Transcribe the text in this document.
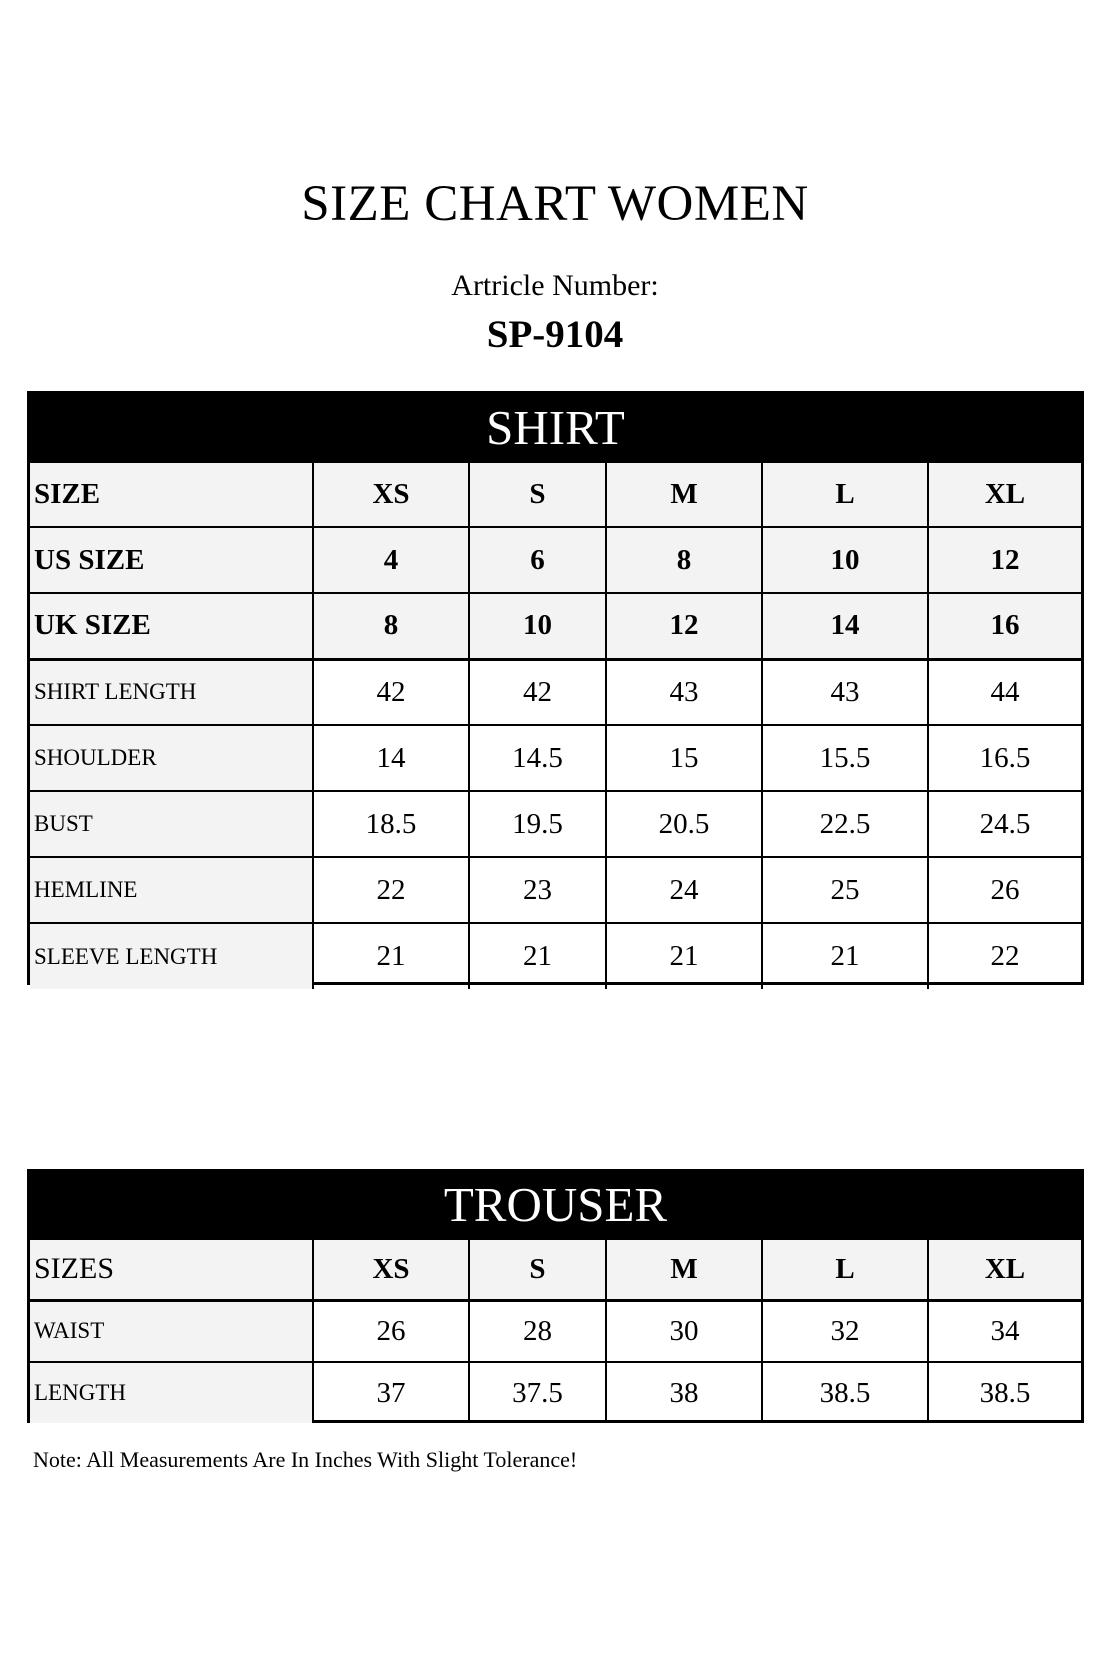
SIZE CHART WOMEN
Artricle Number:
SP-9104
SHIRT
SIZE	XS	S	M	L	XL
US SIZE	4	6	8	10	12
UK SIZE	8	10	12	14	16
SHIRT LENGTH	42	42	43	43	44
SHOULDER	14	14.5	15	15.5	16.5
BUST	18.5	19.5	20.5	22.5	24.5
HEMLINE	22	23	24	25	26
SLEEVE LENGTH	21	21	21	21	22
TROUSER
SIZES	XS	S	M	L	XL
WAIST	26	28	30	32	34
LENGTH	37	37.5	38	38.5	38.5
Note: All Measurements Are In Inches With Slight Tolerance!
